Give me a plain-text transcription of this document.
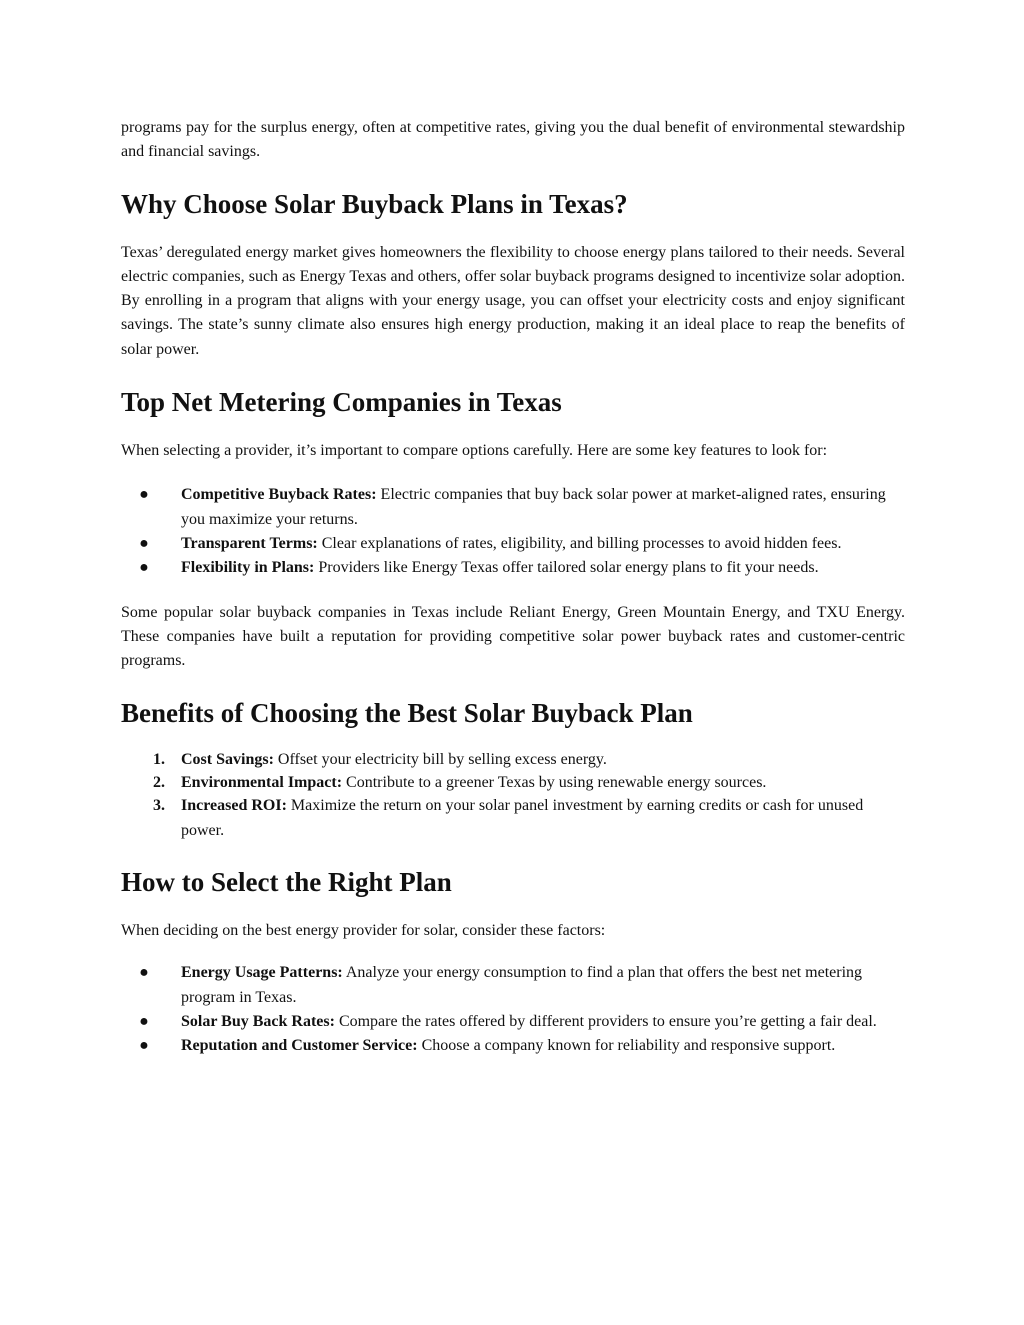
programs pay for the surplus energy, often at competitive rates, giving you the dual benefit of environmental stewardship and financial savings.

Why Choose Solar Buyback Plans in Texas?

Texas’ deregulated energy market gives homeowners the flexibility to choose energy plans tailored to their needs. Several electric companies, such as Energy Texas and others, offer solar buyback programs designed to incentivize solar adoption. By enrolling in a program that aligns with your energy usage, you can offset your electricity costs and enjoy significant savings. The state’s sunny climate also ensures high energy production, making it an ideal place to reap the benefits of solar power.

Top Net Metering Companies in Texas

When selecting a provider, it’s important to compare options carefully. Here are some key features to look for:

●	Competitive Buyback Rates: Electric companies that buy back solar power at market-aligned rates, ensuring you maximize your returns.
●	Transparent Terms: Clear explanations of rates, eligibility, and billing processes to avoid hidden fees.
●	Flexibility in Plans: Providers like Energy Texas offer tailored solar energy plans to fit your needs.

Some popular solar buyback companies in Texas include Reliant Energy, Green Mountain Energy, and TXU Energy. These companies have built a reputation for providing competitive solar power buyback rates and customer-centric programs.

Benefits of Choosing the Best Solar Buyback Plan
1. Cost Savings: Offset your electricity bill by selling excess energy.
2. Environmental Impact: Contribute to a greener Texas by using renewable energy sources.
3. Increased ROI: Maximize the return on your solar panel investment by earning credits or cash for unused power.
How to Select the Right Plan

When deciding on the best energy provider for solar, consider these factors:

●	Energy Usage Patterns: Analyze your energy consumption to find a plan that offers the best net metering program in Texas.
●	Solar Buy Back Rates: Compare the rates offered by different providers to ensure you’re getting a fair deal.
●	Reputation and Customer Service: Choose a company known for reliability and responsive support.
